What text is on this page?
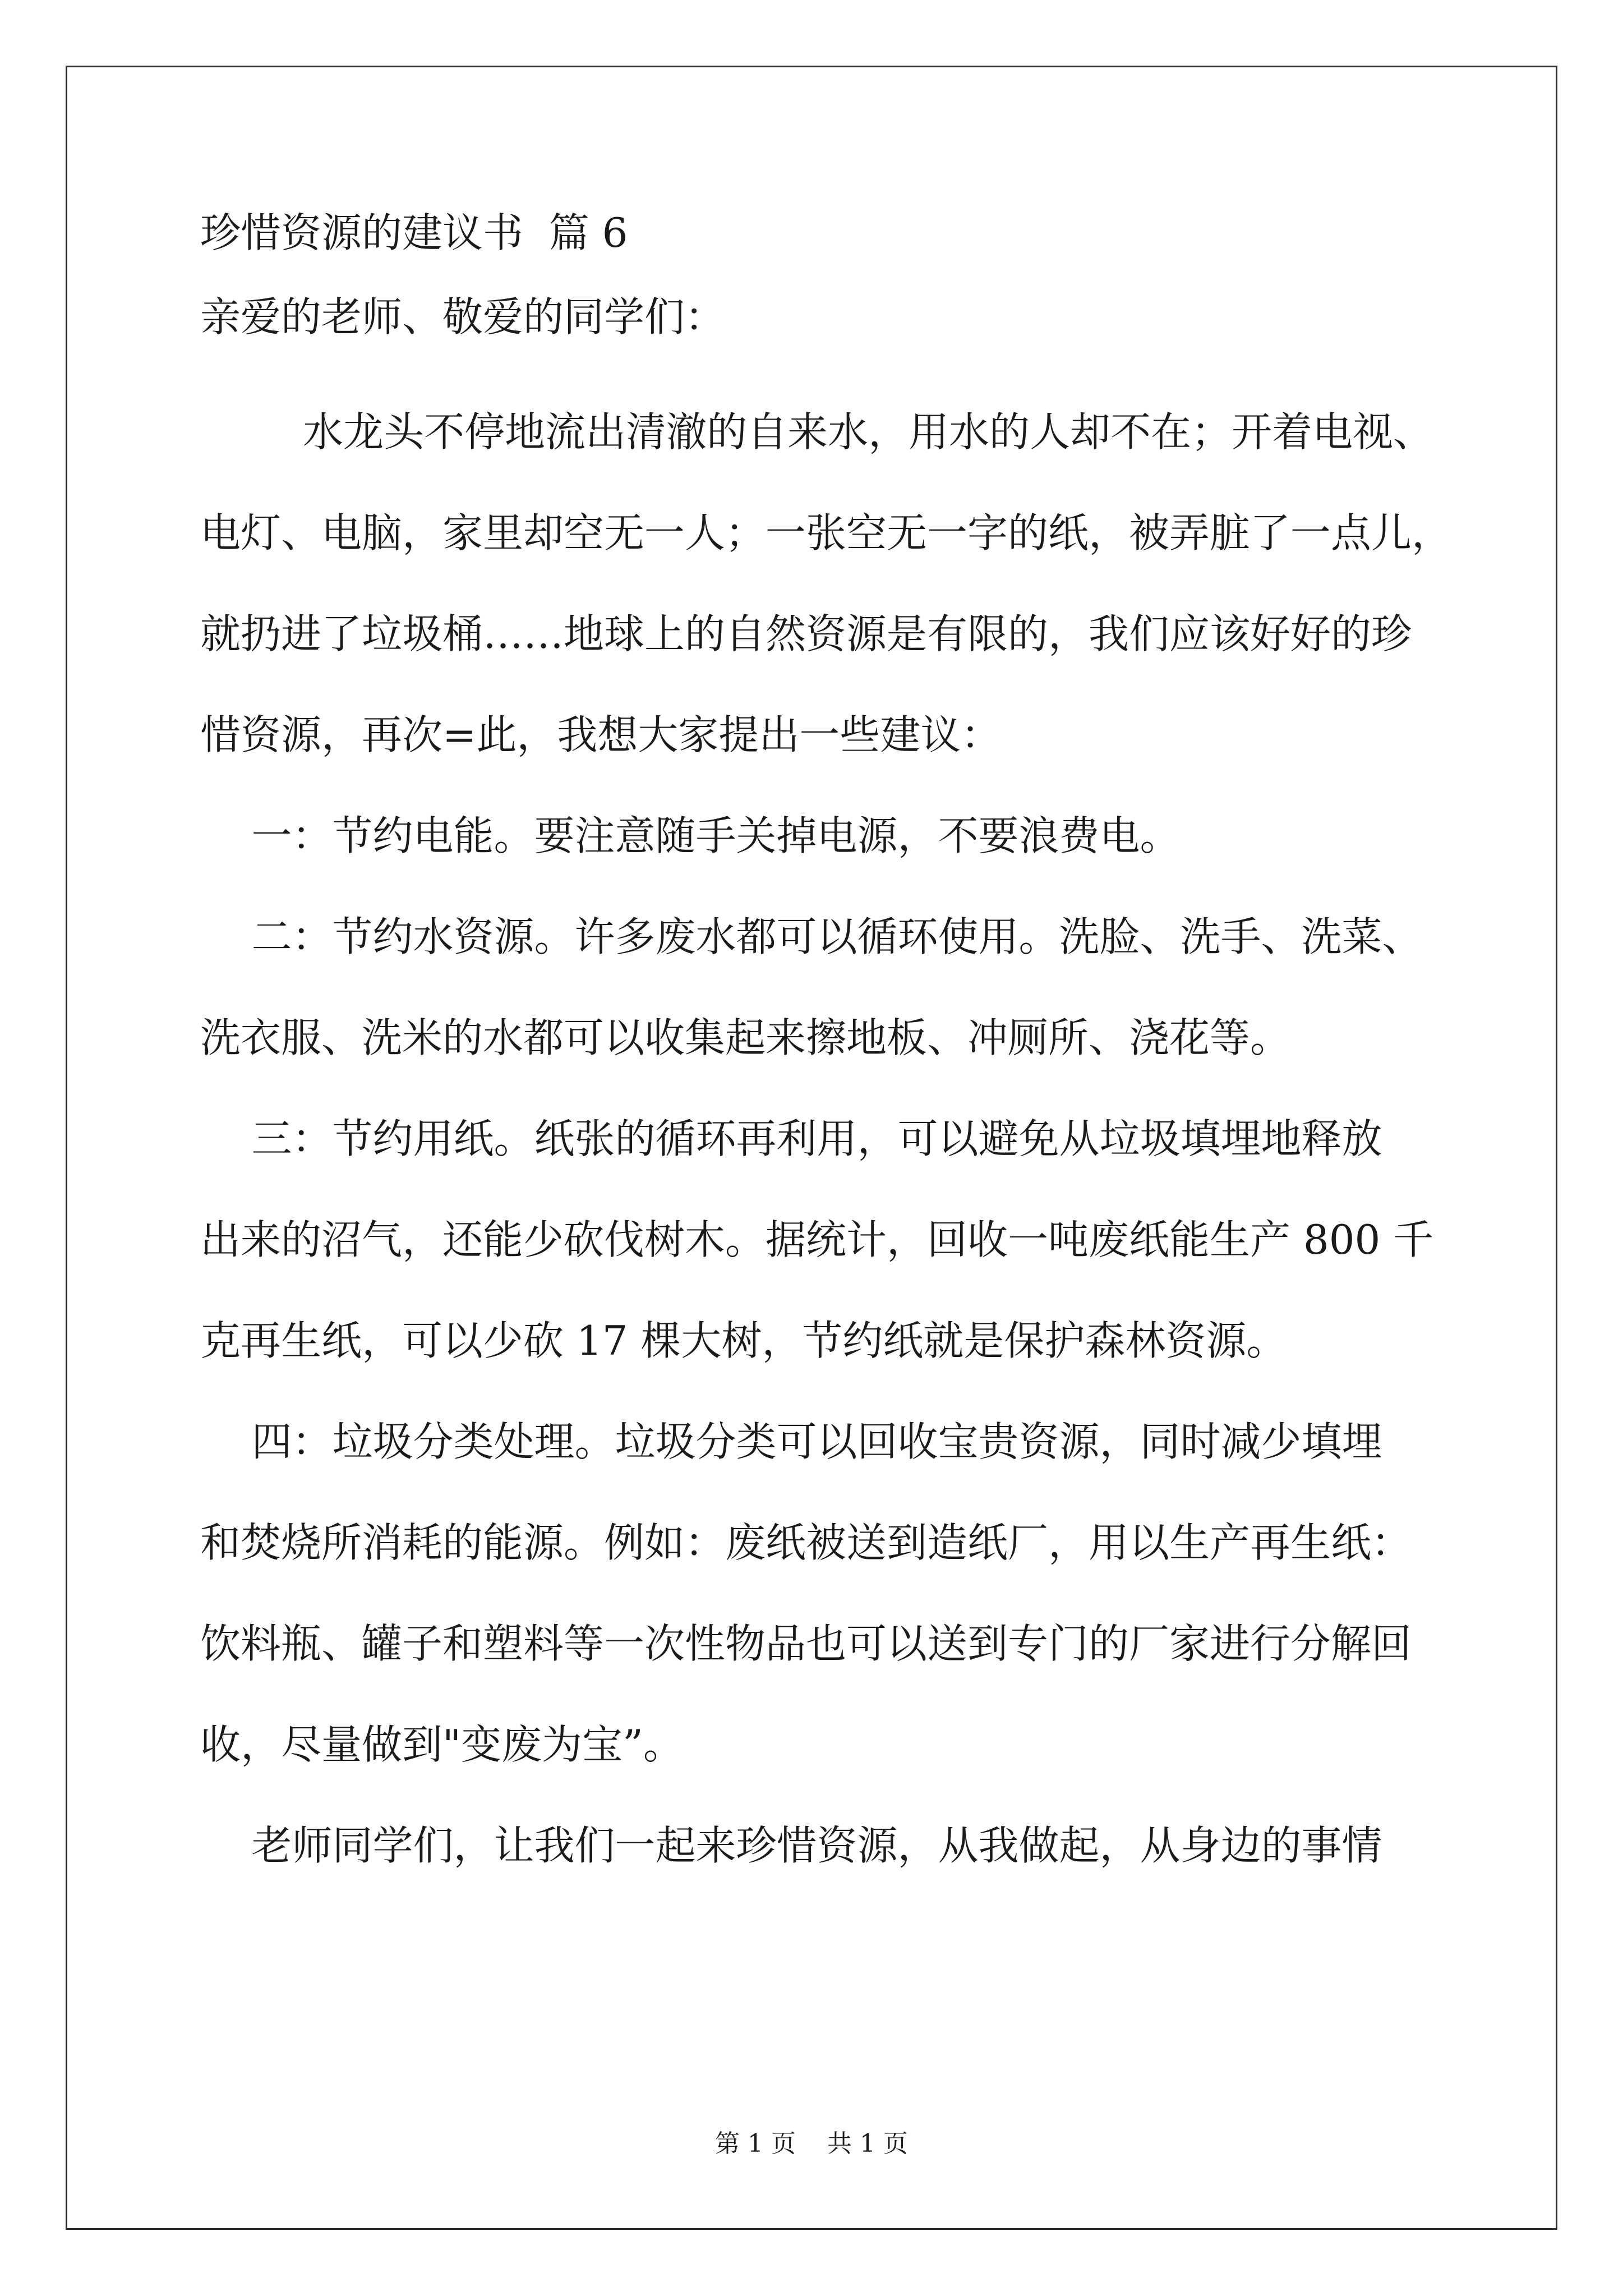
珍惜资源的建议书  篇 6
亲爱的老师、敬爱的同学们：
水龙头不停地流出清澈的自来水，用水的人却不在；开着电视、
电灯、电脑，家里却空无一人；一张空无一字的纸，被弄脏了一点儿，
就扔进了垃圾桶……地球上的自然资源是有限的，我们应该好好的珍
惜资源，再次=此，我想大家提出一些建议：
一：节约电能。要注意随手关掉电源，不要浪费电。
二：节约水资源。许多废水都可以循环使用。洗脸、洗手、洗菜、
洗衣服、洗米的水都可以收集起来擦地板、冲厕所、浇花等。
三：节约用纸。纸张的循环再利用，可以避免从垃圾填埋地释放
出来的沼气，还能少砍伐树木。据统计，回收一吨废纸能生产 800 千
克再生纸，可以少砍 17 棵大树，节约纸就是保护森林资源。
四：垃圾分类处理。垃圾分类可以回收宝贵资源，同时减少填埋
和焚烧所消耗的能源。例如：废纸被送到造纸厂，用以生产再生纸：
饮料瓶、罐子和塑料等一次性物品也可以送到专门的厂家进行分解回
收，尽量做到"变废为宝”。
老师同学们，让我们一起来珍惜资源，从我做起，从身边的事情
第 1 页    共 1 页
